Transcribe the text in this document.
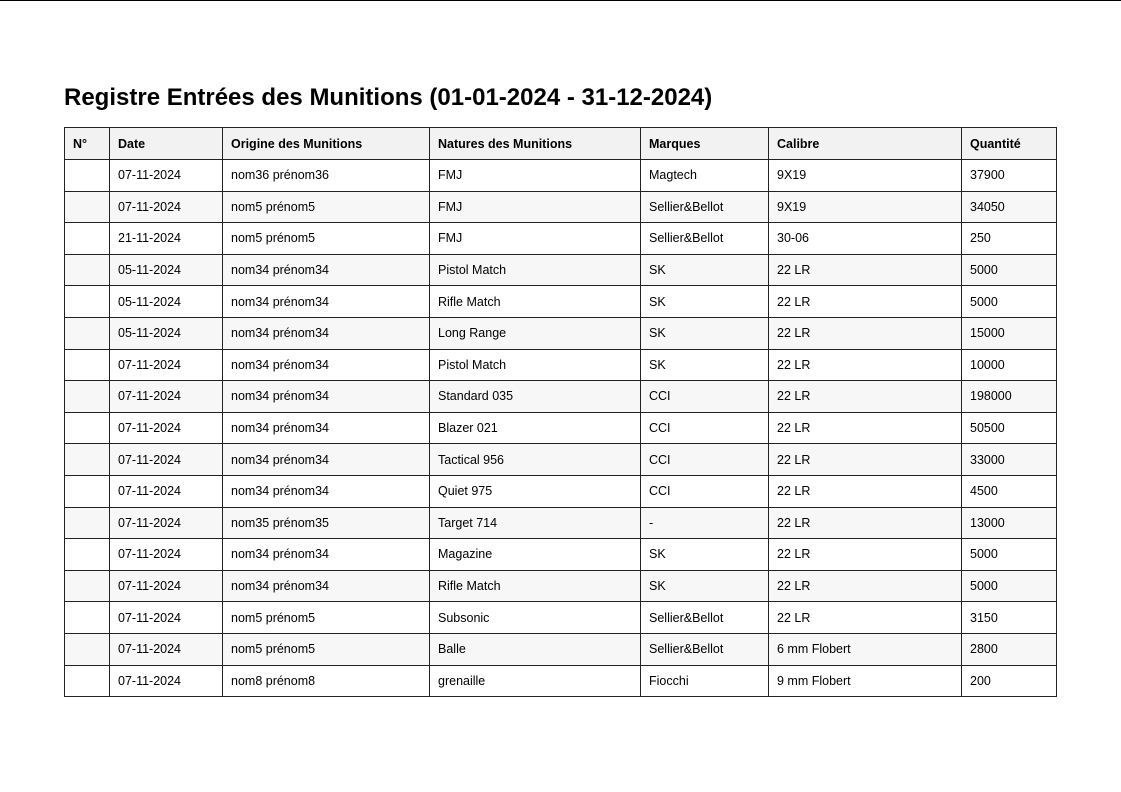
Registre Entrées des Munitions (01-01-2024 - 31-12-2024)
N°	Date	Origine des Munitions	Natures des Munitions	Marques	Calibre	Quantité
	07-11-2024	nom36 prénom36	FMJ	Magtech	9X19	37900
	07-11-2024	nom5 prénom5	FMJ	Sellier&Bellot	9X19	34050
	21-11-2024	nom5 prénom5	FMJ	Sellier&Bellot	30-06	250
	05-11-2024	nom34 prénom34	Pistol Match	SK	22 LR	5000
	05-11-2024	nom34 prénom34	Rifle Match	SK	22 LR	5000
	05-11-2024	nom34 prénom34	Long Range	SK	22 LR	15000
	07-11-2024	nom34 prénom34	Pistol Match	SK	22 LR	10000
	07-11-2024	nom34 prénom34	Standard 035	CCI	22 LR	198000
	07-11-2024	nom34 prénom34	Blazer 021	CCI	22 LR	50500
	07-11-2024	nom34 prénom34	Tactical 956	CCI	22 LR	33000
	07-11-2024	nom34 prénom34	Quiet 975	CCI	22 LR	4500
	07-11-2024	nom35 prénom35	Target 714	-	22 LR	13000
	07-11-2024	nom34 prénom34	Magazine	SK	22 LR	5000
	07-11-2024	nom34 prénom34	Rifle Match	SK	22 LR	5000
	07-11-2024	nom5 prénom5	Subsonic	Sellier&Bellot	22 LR	3150
	07-11-2024	nom5 prénom5	Balle	Sellier&Bellot	6 mm Flobert	2800
	07-11-2024	nom8 prénom8	grenaille	Fiocchi	9 mm Flobert	200
